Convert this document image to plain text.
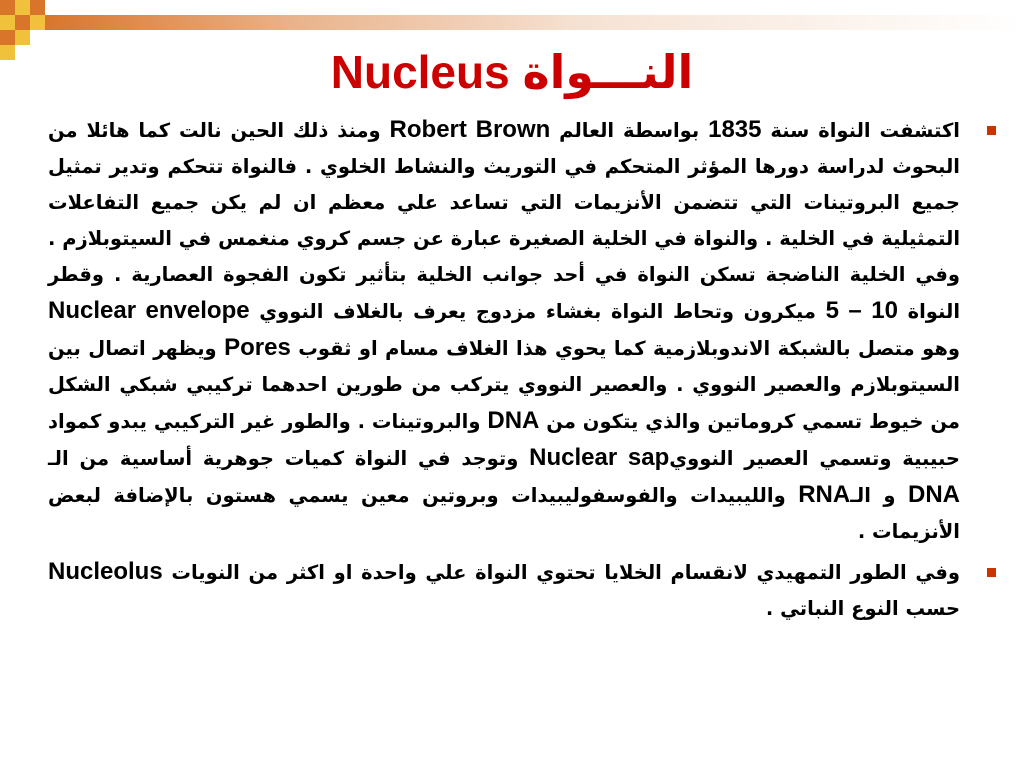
Nucleus النـــواة
اكتشفت النواة سنة 1835 بواسطة العالم Robert Brown ومنذ ذلك الحين نالت كما هائلا من البحوث لدراسة دورها المؤثر المتحكم في التوريث والنشاط الخلوي . فالنواة تتحكم وتدير تمثيل جميع البروتينات التي تتضمن الأنزيمات التي تساعد علي معظم ان لم يكن جميع التفاعلات التمثيلية في الخلية . والنواة في الخلية الصغيرة عبارة عن جسم كروي منغمس في السيتوبلازم . وفي الخلية الناضجة تسكن النواة في أحد جوانب الخلية بتأثير تكون الفجوة العصارية . وقطر النواة 5 – 10 ميكرون وتحاط النواة بغشاء مزدوج يعرف بالغلاف النووي Nuclear envelope وهو متصل بالشبكة الاندوبلازمية كما يحوي هذا الغلاف مسام او ثقوب Pores ويظهر اتصال بين السيتوبلازم والعصير النووي . والعصير النووي يتركب من طورين احدهما تركيبي شبكي الشكل من خيوط تسمي كروماتين والذي يتكون من DNA والبروتينات . والطور غير التركيبي يبدو كمواد حبيبية وتسمي العصير النوويNuclear sap وتوجد في النواة كميات جوهرية أساسية من الـ DNA و الـRNA والليبيدات والفوسفوليبيدات وبروتين معين يسمي هستون بالإضافة لبعض الأنزيمات .
وفي الطور التمهيدي لانقسام الخلايا تحتوي النواة علي واحدة او اكثر من النويات Nucleolus حسب النوع النباتي .
